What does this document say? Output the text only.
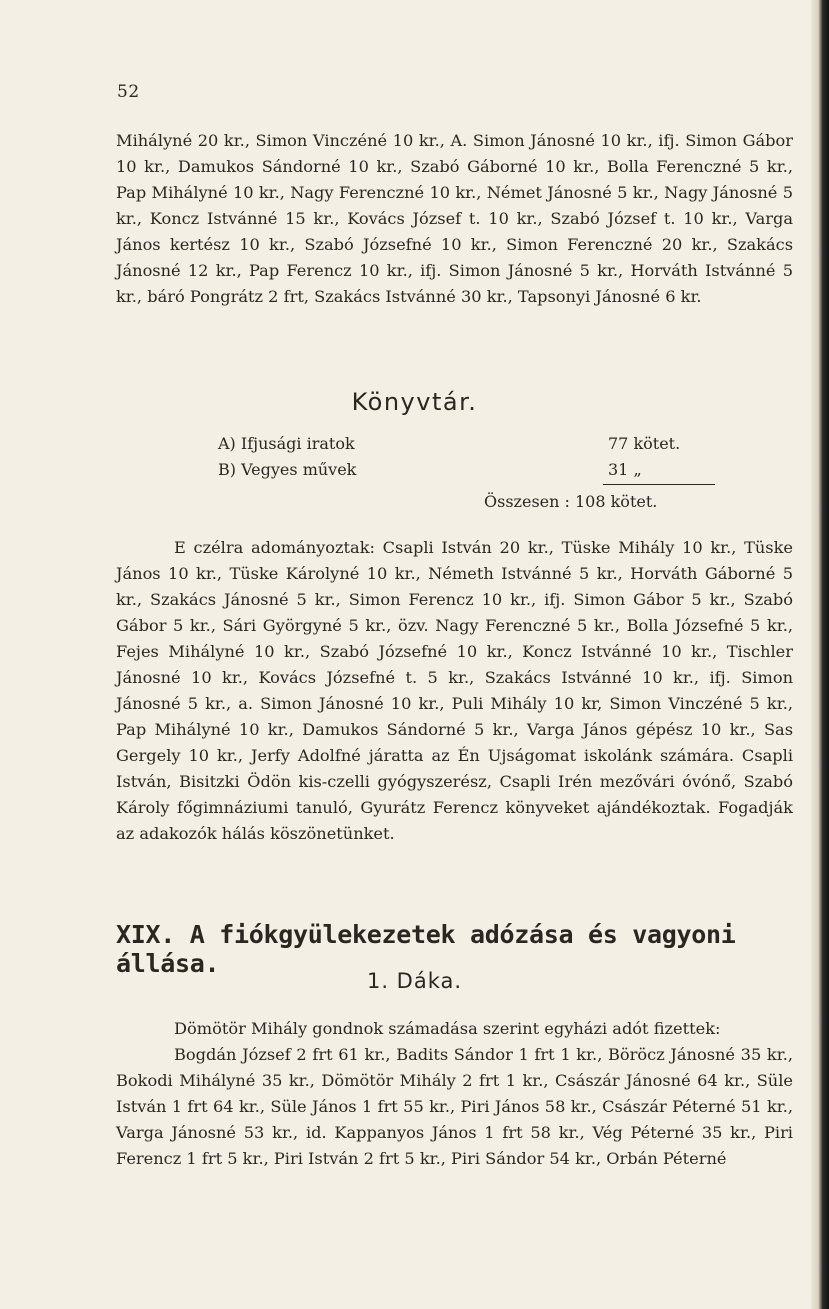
52

Mihályné 20 kr., Simon Vinczéné 10 kr., A. Simon Jánosné 10 kr., ifj. Simon Gábor 10 kr., Damukos Sándorné 10 kr., Szabó Gáborné 10 kr., Bolla Ferenczné 5 kr., Pap Mihályné 10 kr., Nagy Ferenczné 10 kr., Német Jánosné 5 kr., Nagy Jánosné 5 kr., Koncz Istvánné 15 kr., Kovács József t. 10 kr., Szabó József t. 10 kr., Varga János kertész 10 kr., Szabó Józsefné 10 kr., Simon Ferenczné 20 kr., Szakács Jánosné 12 kr., Pap Ferencz 10 kr., ifj. Simon Jánosné 5 kr., Horváth Istvánné 5 kr., báró Pongrátz 2 frt, Szakács Istvánné 30 kr., Tapsonyi Jánosné 6 kr.

Könyvtár.
A) Ifjusági iratok	77 kötet.
B) Vegyes művek	31 „
Összesen : 108 kötet.

E czélra adományoztak: Csapli István 20 kr., Tüske Mihály 10 kr., Tüske János 10 kr., Tüske Károlyné 10 kr., Németh Istvánné 5 kr., Horváth Gáborné 5 kr., Szakács Jánosné 5 kr., Simon Ferencz 10 kr., ifj. Simon Gábor 5 kr., Szabó Gábor 5 kr., Sári Györgyné 5 kr., özv. Nagy Ferenczné 5 kr., Bolla Józsefné 5 kr., Fejes Mihályné 10 kr., Szabó Józsefné 10 kr., Koncz Istvánné 10 kr., Tischler Jánosné 10 kr., Kovács Józsefné t. 5 kr., Szakács Istvánné 10 kr., ifj. Simon Jánosné 5 kr., a. Simon Jánosné 10 kr., Puli Mihály 10 kr, Simon Vinczéné 5 kr., Pap Mihályné 10 kr., Damukos Sándorné 5 kr., Varga János gépész 10 kr., Sas Gergely 10 kr., Jerfy Adolfné járatta az Én Ujságomat iskolánk számára. Csapli István, Bisitzki Ödön kis-czelli gyógyszerész, Csapli Irén mezővári óvónő, Szabó Károly főgimnáziumi tanuló, Gyurátz Ferencz könyveket ajándékoztak. Fogadják az adakozók hálás köszönetünket.

XIX. A fiókgyülekezetek adózása és vagyoni állása.
1. Dáka.

Dömötör Mihály gondnok számadása szerint egyházi adót fizettek:

Bogdán József 2 frt 61 kr., Badits Sándor 1 frt 1 kr., Böröcz Jánosné 35 kr., Bokodi Mihályné 35 kr., Dömötör Mihály 2 frt 1 kr., Császár Jánosné 64 kr., Süle István 1 frt 64 kr., Süle János 1 frt 55 kr., Piri János 58 kr., Császár Péterné 51 kr., Varga Jánosné 53 kr., id. Kappanyos János 1 frt 58 kr., Vég Péterné 35 kr., Piri Ferencz 1 frt 5 kr., Piri István 2 frt 5 kr., Piri Sándor 54 kr., Orbán Péterné
